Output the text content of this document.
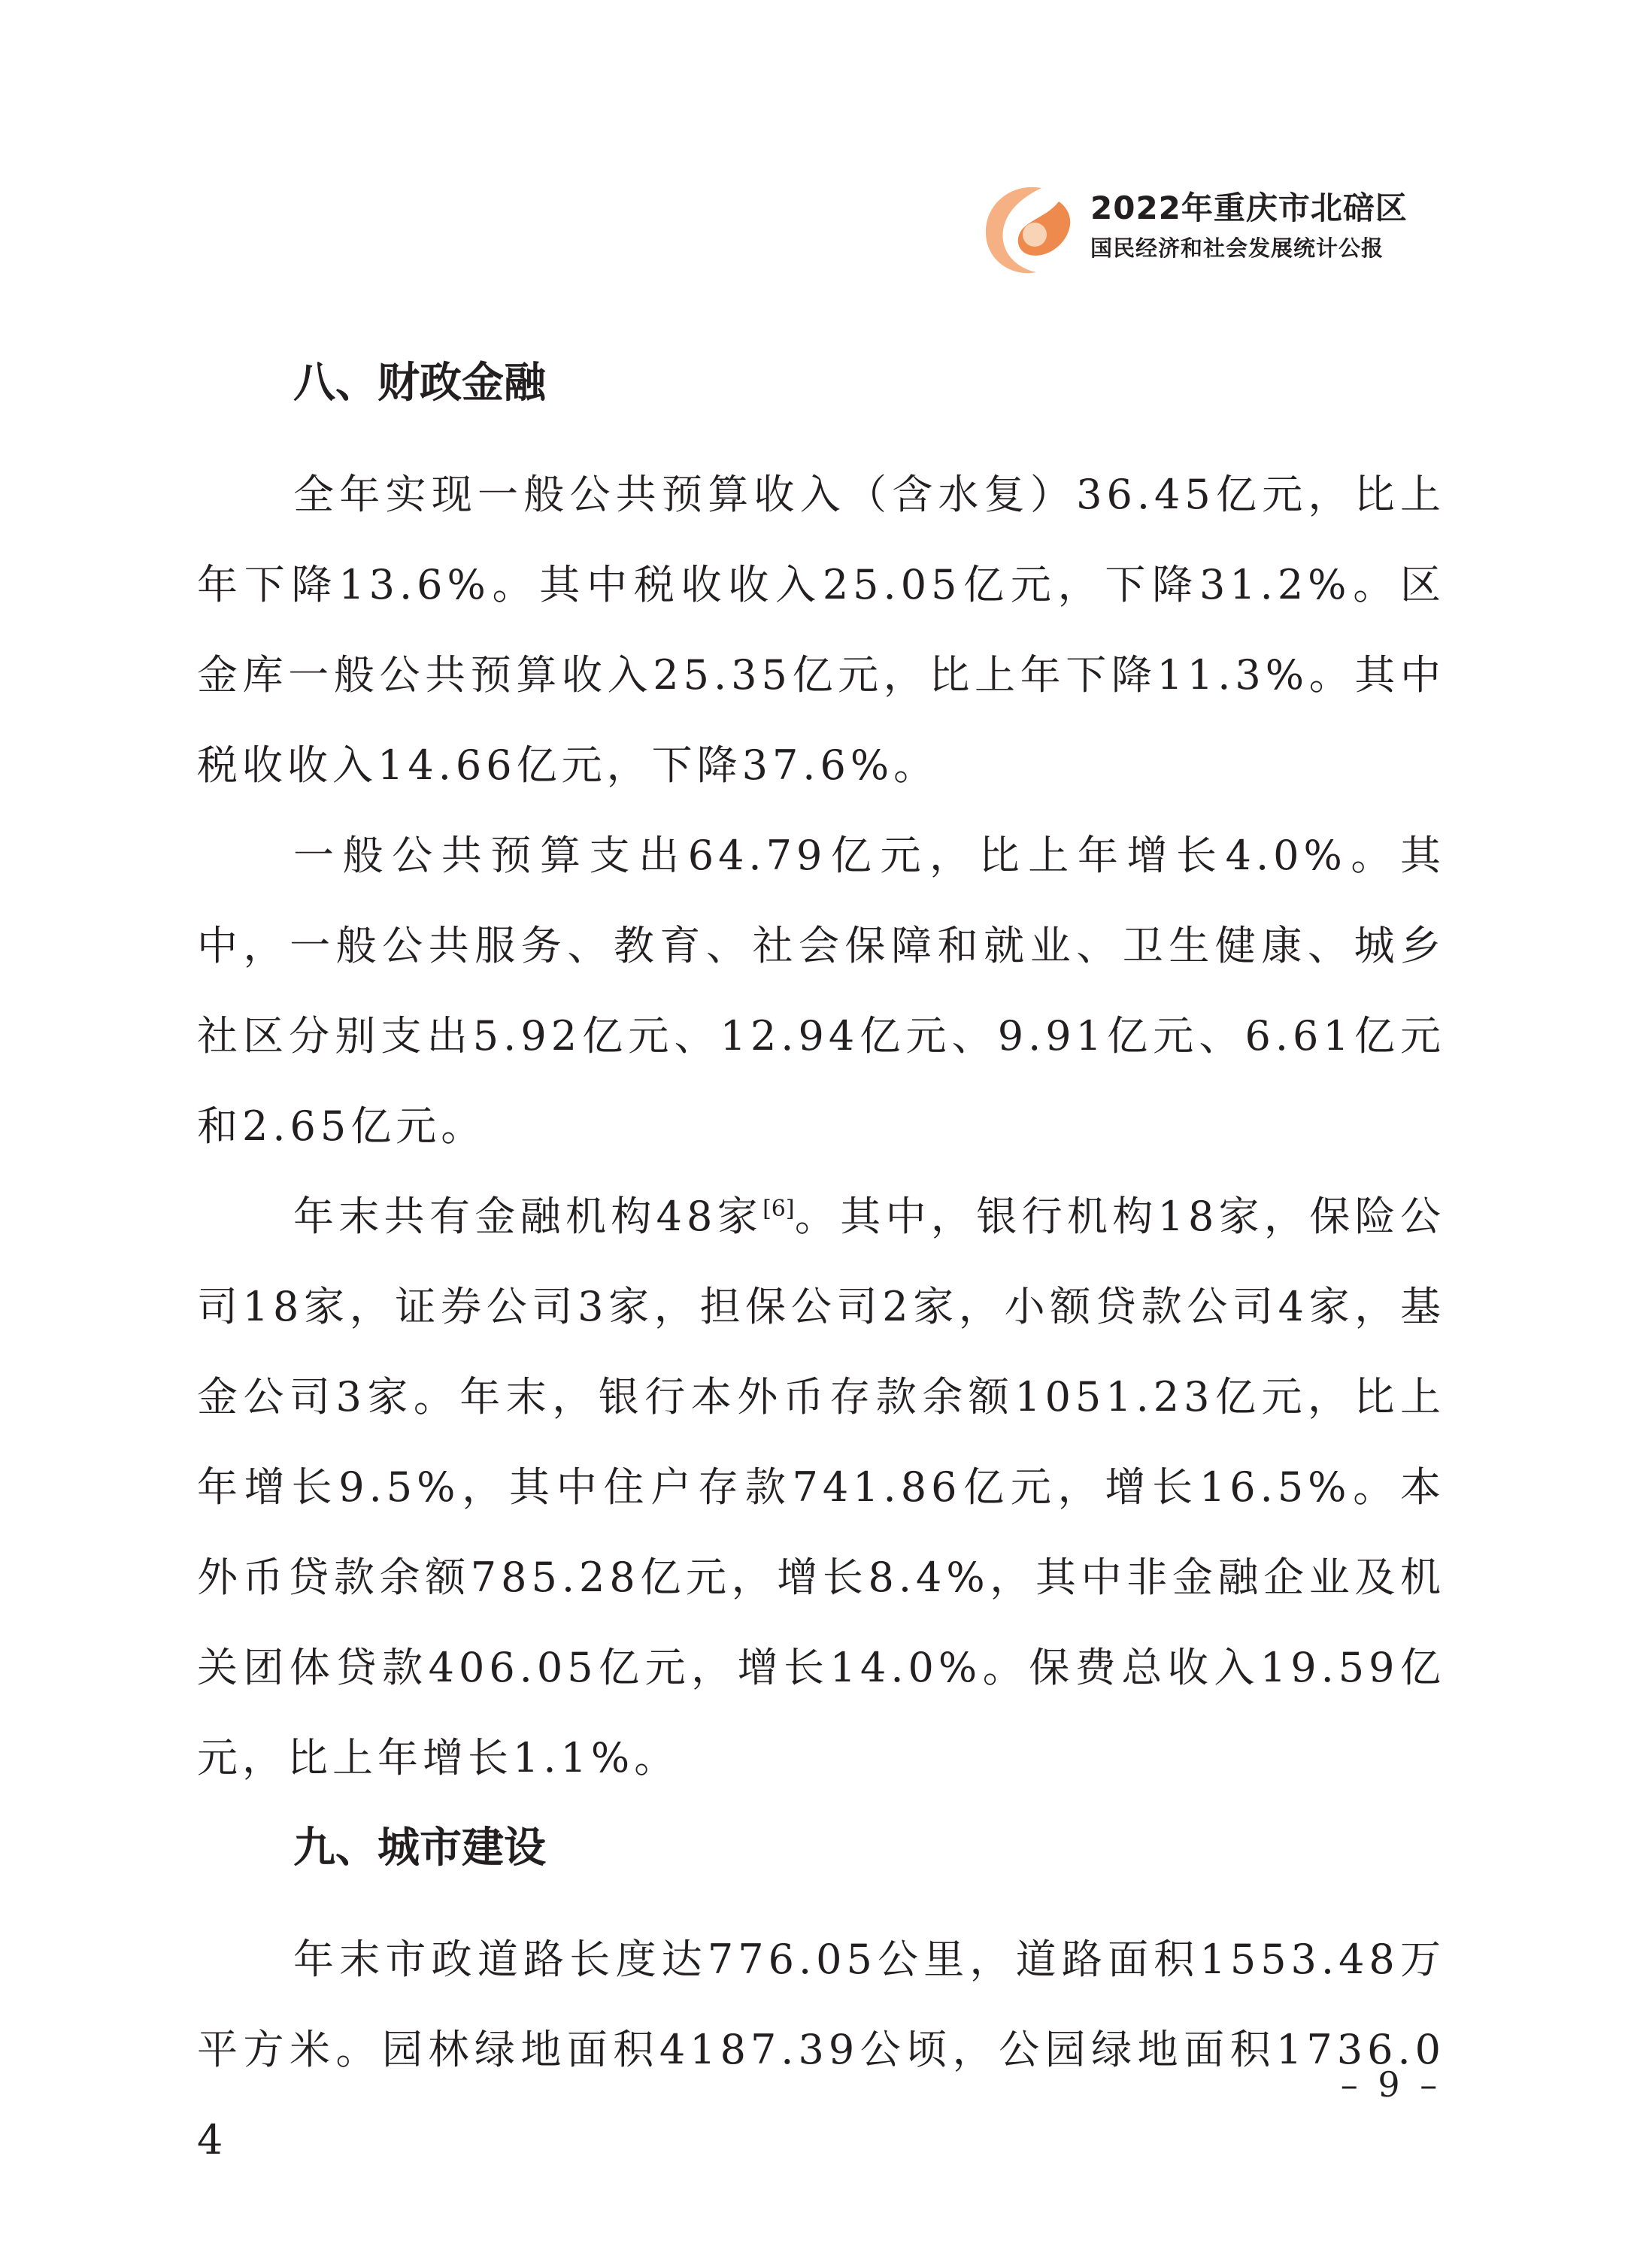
2022年重庆市北碚区
国民经济和社会发展统计公报
八、财政金融

全年实现一般公共预算收入（含水复）36.45亿元，比上年下降13.6%。其中税收收入25.05亿元，下降31.2%。区金库一般公共预算收入25.35亿元，比上年下降11.3%。其中税收收入14.66亿元，下降37.6%。

一般公共预算支出64.79亿元，比上年增长4.0%。其中，一般公共服务、教育、社会保障和就业、卫生健康、城乡社区分别支出5.92亿元、12.94亿元、9.91亿元、6.61亿元和2.65亿元。

年末共有金融机构48家[6]。其中，银行机构18家，保险公司18家，证券公司3家，担保公司2家，小额贷款公司4家，基金公司3家。年末，银行本外币存款余额1051.23亿元，比上年增长9.5%，其中住户存款741.86亿元，增长16.5%。本外币贷款余额785.28亿元，增长8.4%，其中非金融企业及机关团体贷款406.05亿元，增长14.0%。保费总收入19.59亿元，比上年增长1.1%。

九、城市建设

年末市政道路长度达776.05公里，道路面积1553.48万平方米。园林绿地面积4187.39公顷，公园绿地面积1736.04

– 9 –
